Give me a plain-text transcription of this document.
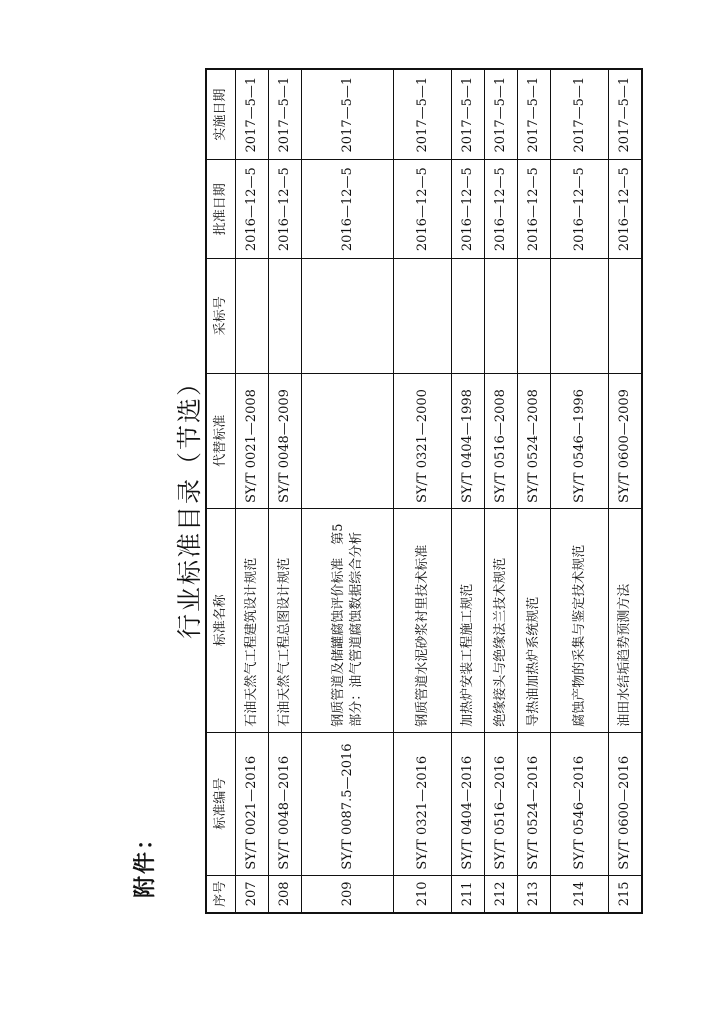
附件：
行业标准目录（节选）
序号	标准编号	标准名称	代替标准	采标号	批准日期	实施日期
207	SY/T 0021—2016	石油天然气工程建筑设计规范	SY/T 0021—2008		2016—12—5	2017—5—1
208	SY/T 0048—2016	石油天然气工程总图设计规范	SY/T 0048—2009		2016—12—5	2017—5—1
209	SY/T 0087.5—2016	钢质管道及储罐腐蚀评价标准　第5部分：油气管道腐蚀数据综合分析			2016—12—5	2017—5—1
210	SY/T 0321—2016	钢质管道水泥砂浆衬里技术标准	SY/T 0321—2000		2016—12—5	2017—5—1
211	SY/T 0404—2016	加热炉安装工程施工规范	SY/T 0404—1998		2016—12—5	2017—5—1
212	SY/T 0516—2016	绝缘接头与绝缘法兰技术规范	SY/T 0516—2008		2016—12—5	2017—5—1
213	SY/T 0524—2016	导热油加热炉系统规范	SY/T 0524—2008		2016—12—5	2017—5—1
214	SY/T 0546—2016	腐蚀产物的采集与鉴定技术规范	SY/T 0546—1996		2016—12—5	2017—5—1
215	SY/T 0600—2016	油田水结垢趋势预测方法	SY/T 0600—2009		2016—12—5	2017—5—1
